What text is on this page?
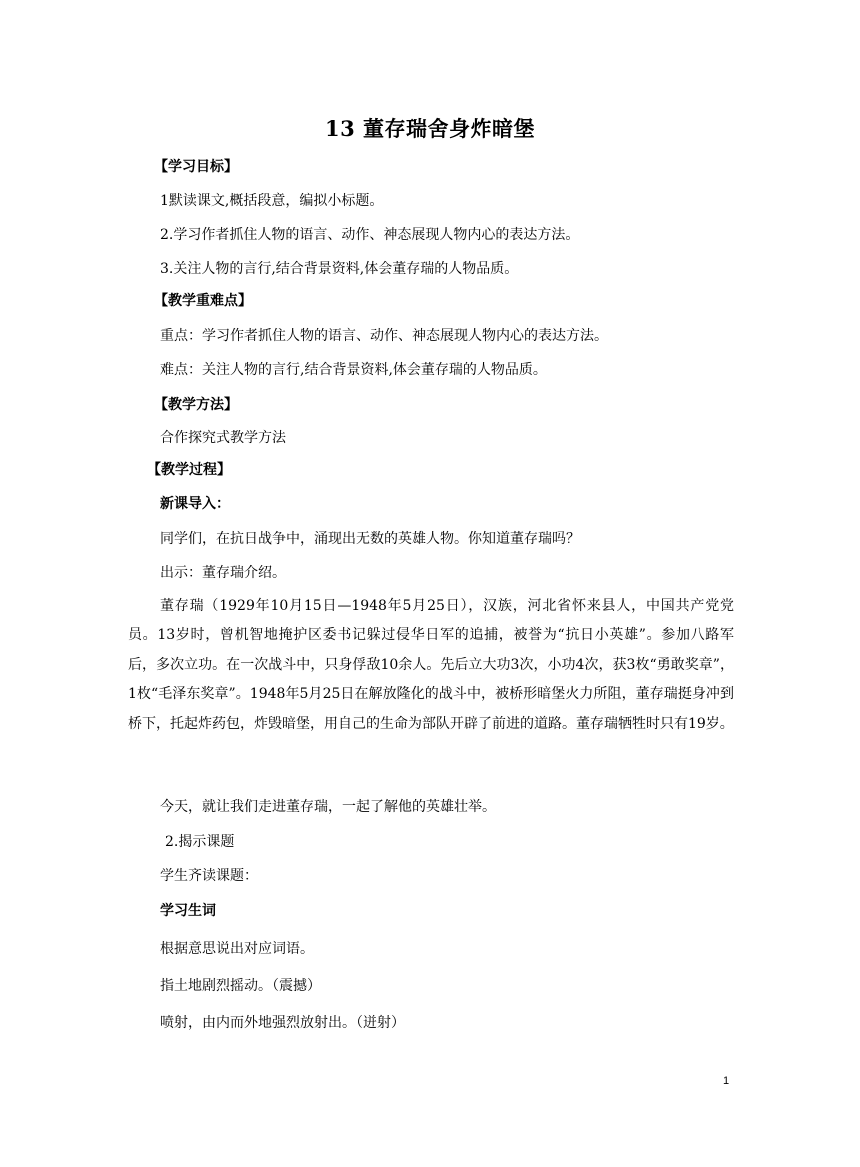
13 董存瑞舍身炸暗堡
【学习目标】
1默读课文,概括段意，编拟小标题。
2.学习作者抓住人物的语言、动作、神态展现人物内心的表达方法。
3.关注人物的言行,结合背景资料,体会董存瑞的人物品质。
【教学重难点】
重点：学习作者抓住人物的语言、动作、神态展现人物内心的表达方法。
难点：关注人物的言行,结合背景资料,体会董存瑞的人物品质。
【教学方法】
合作探究式教学方法
【教学过程】
新课导入：
同学们，在抗日战争中，涌现出无数的英雄人物。你知道董存瑞吗？
出示：董存瑞介绍。
董存瑞（1929年10月15日—1948年5月25日），汉族，河北省怀来县人，中国共产党党员。13岁时，曾机智地掩护区委书记躲过侵华日军的追捕，被誉为“抗日小英雄”。参加八路军后，多次立功。在一次战斗中，只身俘敌10余人。先后立大功3次，小功4次，获3枚“勇敢奖章”，1枚“毛泽东奖章”。1948年5月25日在解放隆化的战斗中，被桥形暗堡火力所阻，董存瑞挺身冲到桥下，托起炸药包，炸毁暗堡，用自己的生命为部队开辟了前进的道路。董存瑞牺牲时只有19岁。
今天，就让我们走进董存瑞，一起了解他的英雄壮举。
2.揭示课题
学生齐读课题：
学习生词
根据意思说出对应词语。
指土地剧烈摇动。（震撼）
喷射，由内而外地强烈放射出。（迸射）
1
